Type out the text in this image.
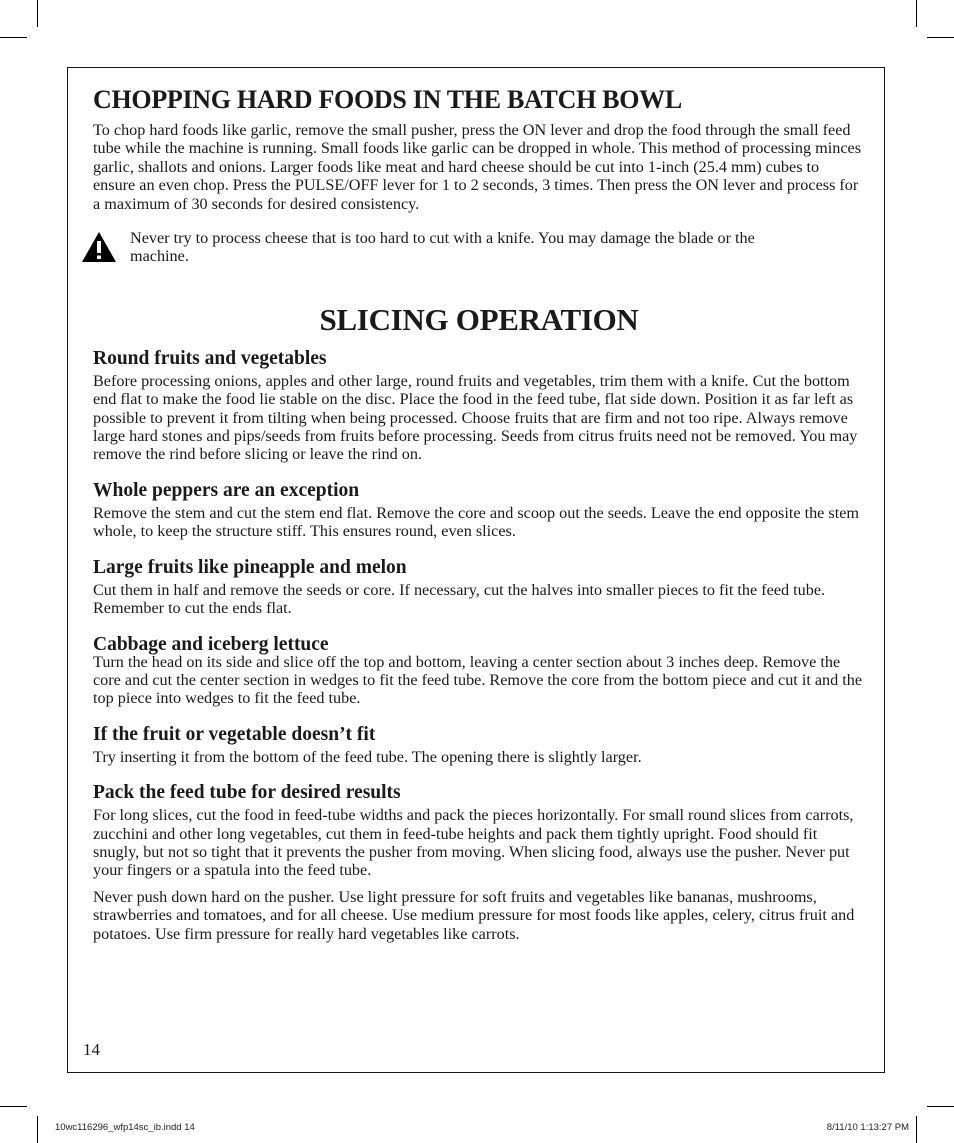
CHOPPING HARD FOODS IN THE BATCH BOWL

To chop hard foods like garlic, remove the small pusher, press the ON lever and drop the food through the small feed tube while the machine is running. Small foods like garlic can be dropped in whole. This method of processing minces garlic, shallots and onions. Larger foods like meat and hard cheese should be cut into 1-inch (25.4 mm) cubes to ensure an even chop. Press the PULSE/OFF lever for 1 to 2 seconds, 3 times. Then press the ON lever and process for a maximum of 30 seconds for desired consistency.

Never try to process cheese that is too hard to cut with a knife. You may damage the blade or the machine.

SLICING OPERATION
Round fruits and vegetables

Before processing onions, apples and other large, round fruits and vegetables, trim them with a knife. Cut the bottom end flat to make the food lie stable on the disc. Place the food in the feed tube, flat side down. Position it as far left as possible to prevent it from tilting when being processed. Choose fruits that are firm and not too ripe. Always remove large hard stones and pips/seeds from fruits before processing. Seeds from citrus fruits need not be removed. You may remove the rind before slicing or leave the rind on.

Whole peppers are an exception

Remove the stem and cut the stem end flat. Remove the core and scoop out the seeds. Leave the end opposite the stem whole, to keep the structure stiff. This ensures round, even slices.

Large fruits like pineapple and melon

Cut them in half and remove the seeds or core. If necessary, cut the halves into smaller pieces to fit the feed tube. Remember to cut the ends flat.

Cabbage and iceberg lettuce

Turn the head on its side and slice off the top and bottom, leaving a center section about 3 inches deep. Remove the core and cut the center section in wedges to fit the feed tube. Remove the core from the bottom piece and cut it and the top piece into wedges to fit the feed tube.

If the fruit or vegetable doesn’t fit

Try inserting it from the bottom of the feed tube. The opening there is slightly larger.

Pack the feed tube for desired results

For long slices, cut the food in feed-tube widths and pack the pieces horizontally. For small round slices from carrots, zucchini and other long vegetables, cut them in feed-tube heights and pack them tightly upright. Food should fit snugly, but not so tight that it prevents the pusher from moving. When slicing food, always use the pusher. Never put your fingers or a spatula into the feed tube.

Never push down hard on the pusher. Use light pressure for soft fruits and vegetables like bananas, mushrooms, strawberries and tomatoes, and for all cheese. Use medium pressure for most foods like apples, celery, citrus fruit and potatoes. Use firm pressure for really hard vegetables like carrots.

14
10wc116296_wfp14sc_ib.indd 14	8/11/10 1:13:27 PM
